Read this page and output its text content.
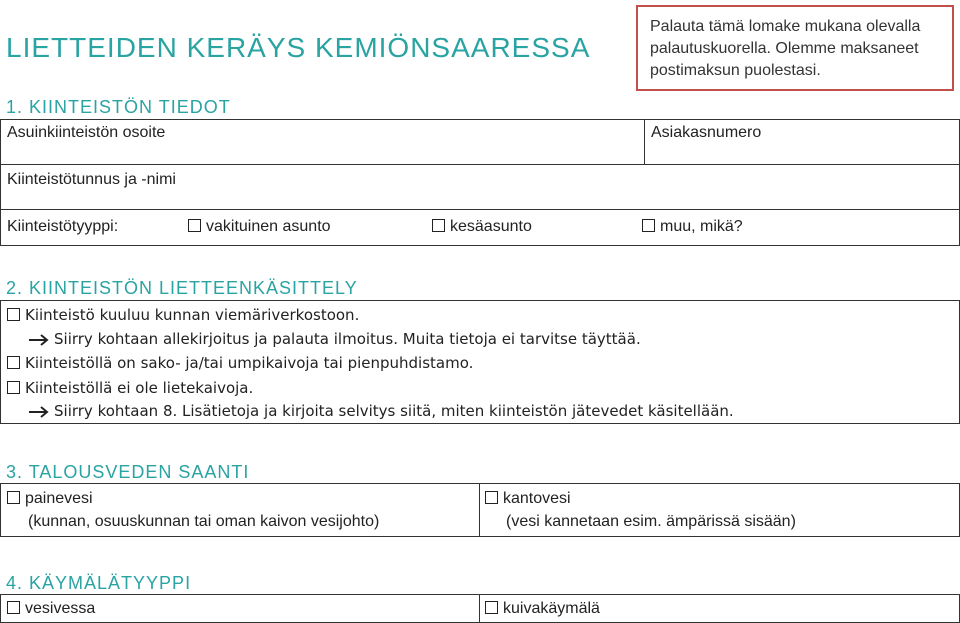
LIETTEIDEN KERÄYS KEMIÖNSAARESSA
Palauta tämä lomake mukana olevalla palautuskuorella. Olemme maksaneet postimaksun puolestasi.
1. KIINTEISTÖN TIEDOT
Asuinkiinteistön osoite	Asiakasnumero
Kiinteistötunnus ja -nimi
Kiinteistötyyppi:	vakituinen asunto	kesäasunto	muu, mikä?
2. KIINTEISTÖN LIETTEENKÄSITTELY
Kiinteistö kuuluu kunnan viemäriverkostoon.
Siirry kohtaan allekirjoitus ja palauta ilmoitus. Muita tietoja ei tarvitse täyttää.
Kiinteistöllä on sako- ja/tai umpikaivoja tai pienpuhdistamo.
Kiinteistöllä ei ole lietekaivoja.
Siirry kohtaan 8. Lisätietoja ja kirjoita selvitys siitä, miten kiinteistön jätevedet käsitellään.
3. TALOUSVEDEN SAANTI
painevesi
(kunnan, osuuskunnan tai oman kaivon vesijohto)
kantovesi
(vesi kannetaan esim. ämpärissä sisään)
4. KÄYMÄLÄTYYPPI
vesivessa	kuivakäymälä
